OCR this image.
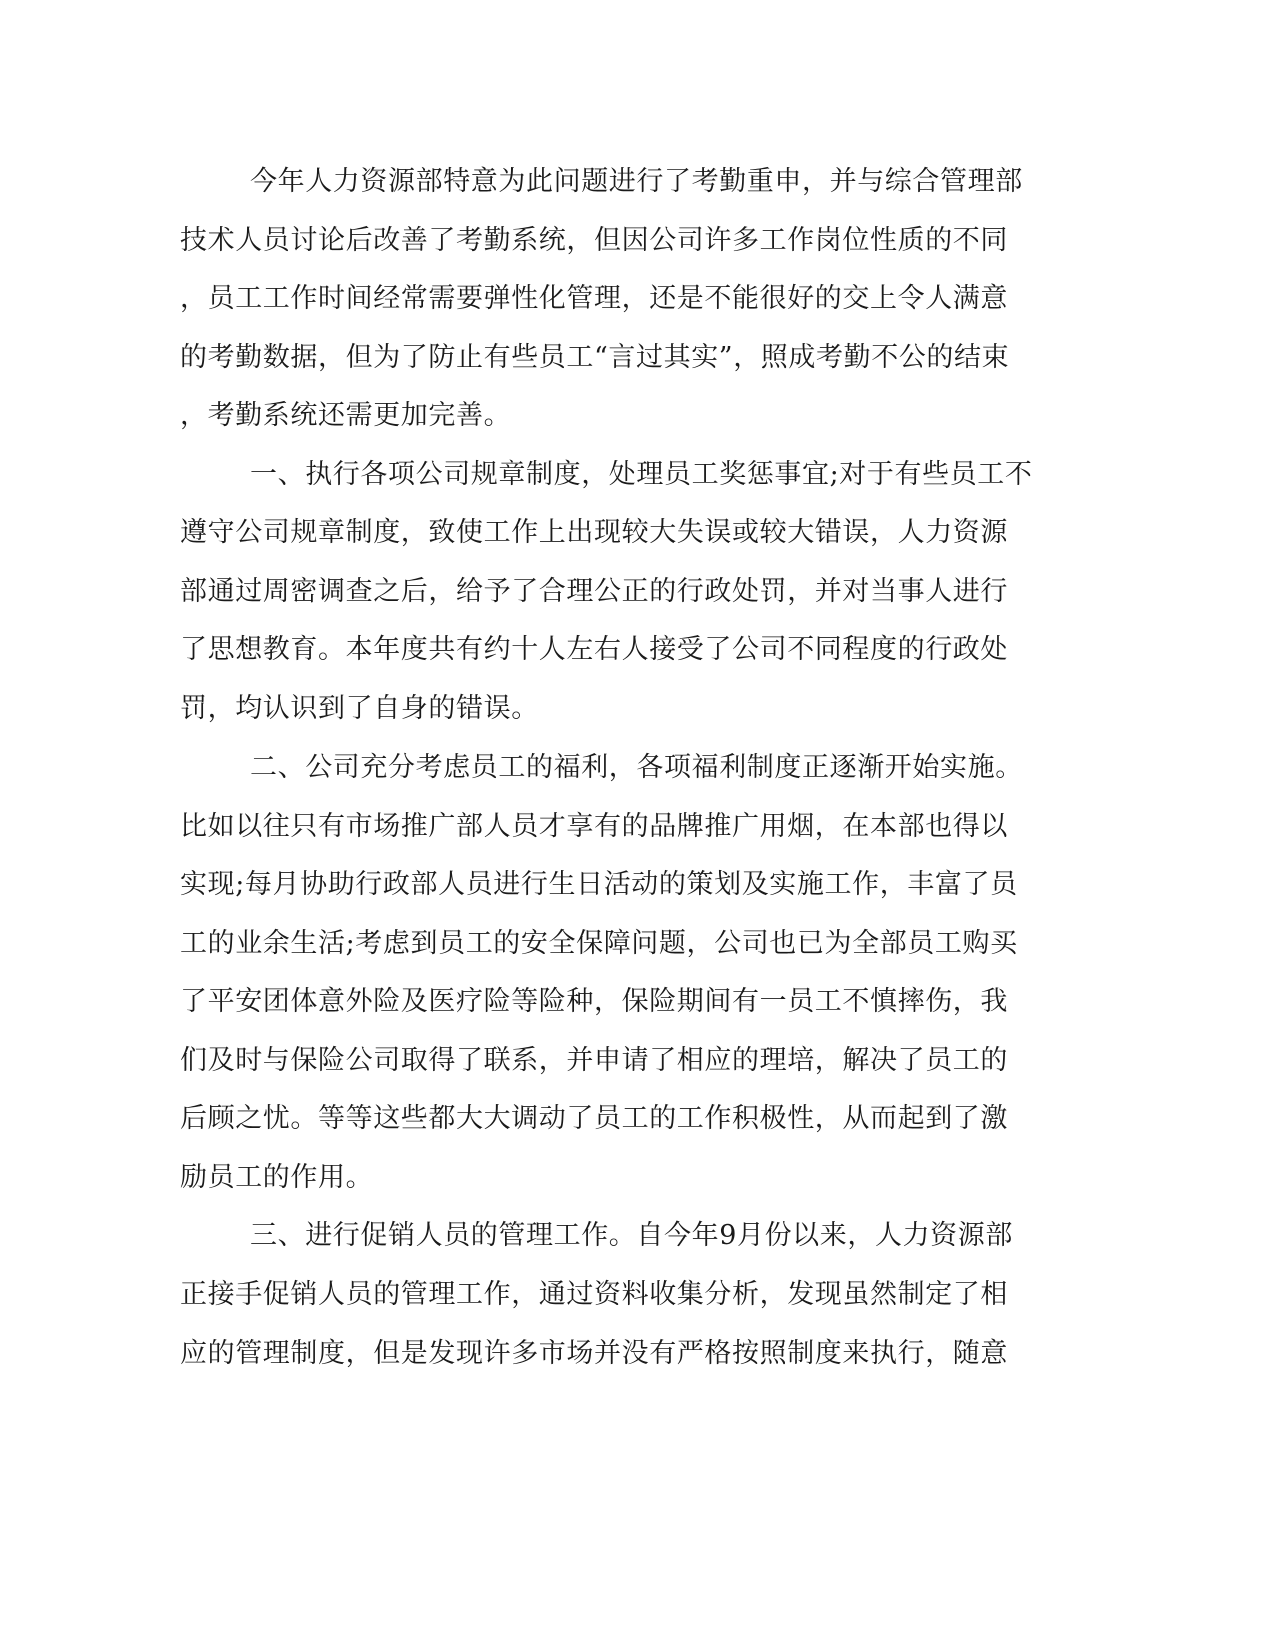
今年人力资源部特意为此问题进行了考勤重申，并与综合管理部
技术人员讨论后改善了考勤系统，但因公司许多工作岗位性质的不同
，员工工作时间经常需要弹性化管理，还是不能很好的交上令人满意
的考勤数据，但为了防止有些员工“言过其实”，照成考勤不公的结束
，考勤系统还需更加完善。
一、执行各项公司规章制度，处理员工奖惩事宜;对于有些员工不
遵守公司规章制度，致使工作上出现较大失误或较大错误，人力资源
部通过周密调查之后，给予了合理公正的行政处罚，并对当事人进行
了思想教育。本年度共有约十人左右人接受了公司不同程度的行政处
罚，均认识到了自身的错误。
二、公司充分考虑员工的福利，各项福利制度正逐渐开始实施。
比如以往只有市场推广部人员才享有的品牌推广用烟，在本部也得以
实现;每月协助行政部人员进行生日活动的策划及实施工作，丰富了员
工的业余生活;考虑到员工的安全保障问题，公司也已为全部员工购买
了平安团体意外险及医疗险等险种，保险期间有一员工不慎摔伤，我
们及时与保险公司取得了联系，并申请了相应的理培，解决了员工的
后顾之忧。等等这些都大大调动了员工的工作积极性，从而起到了激
励员工的作用。
三、进行促销人员的管理工作。自今年9月份以来，人力资源部
正接手促销人员的管理工作，通过资料收集分析，发现虽然制定了相
应的管理制度，但是发现许多市场并没有严格按照制度来执行，随意
